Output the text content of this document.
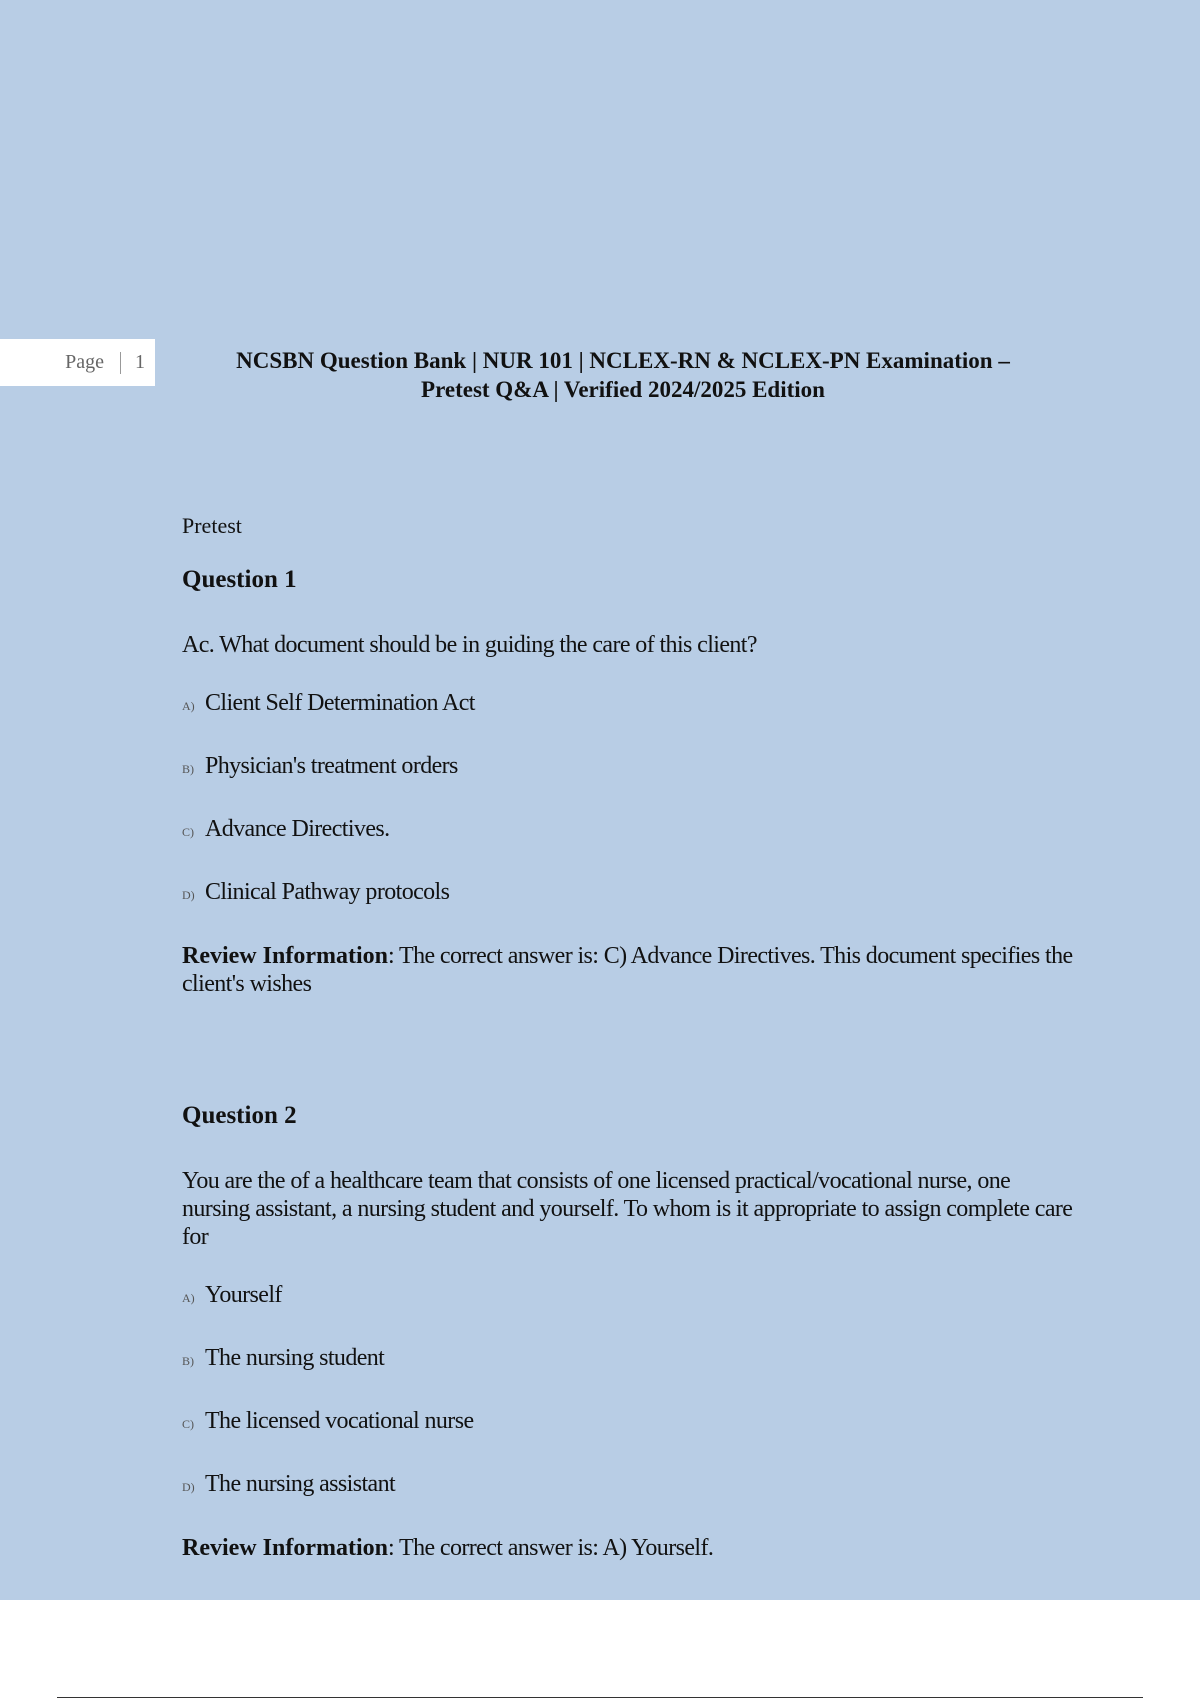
Page 1	NCSBN Question Bank | NUR 101 | NCLEX-RN & NCLEX-PN Examination –
Pretest Q&A | Verified 2024/2025 Edition
Pretest
Question 1
Ac. What document should be in guiding the care of this client?
A) Client Self Determination Act
B) Physician's treatment orders
C) Advance Directives.
D) Clinical Pathway protocols
Review Information: The correct answer is: C) Advance Directives. This document specifies the client's wishes
Question 2
You are the of a healthcare team that consists of one licensed practical/vocational nurse, one nursing assistant, a nursing student and yourself. To whom is it appropriate to assign complete care for
A) Yourself
B) The nursing student
C) The licensed vocational nurse
D) The nursing assistant
Review Information: The correct answer is: A) Yourself.
